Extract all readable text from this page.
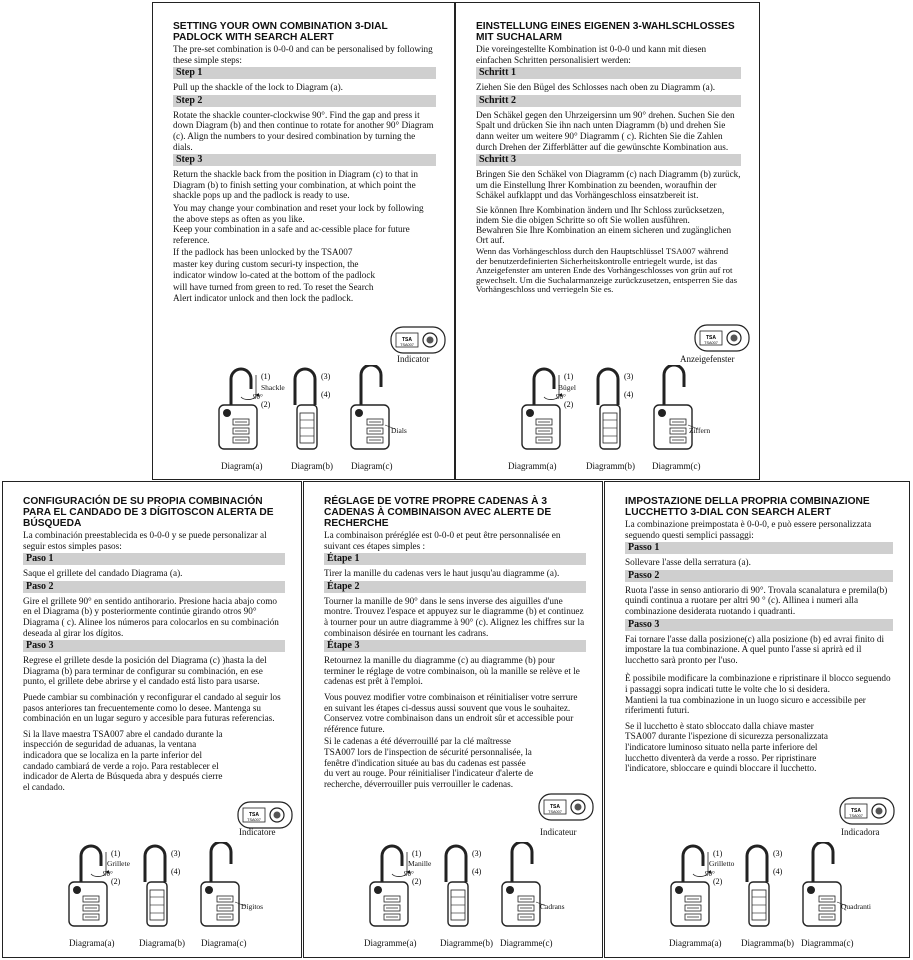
SETTING YOUR OWN COMBINATION 3-DIAL PADLOCK WITH SEARCH ALERT
The pre-set combination is 0-0-0 and can be personalised by following these simple steps:
Step 1
Pull up the shackle of the lock to Diagram (a).
Step 2
Rotate the shackle counter-clockwise 90°. Find the gap and press it down Diagram (b) and then continue to rotate for another 90° Diagram (c). Align the numbers to your desired combination by turning the dials.
Step 3
Return the shackle back from the position in Diagram (c) to that in Diagram (b) to finish setting your combination, at which point the shackle pops up and the padlock is ready to use.
You may change your combination and reset your lock by following the above steps as often as you like.
Keep your combination in a safe and ac-cessible place for future reference.
If the padlock has been unlocked by the TSA007 master key during custom securi-ty inspection, the indicator window lo-cated at the bottom of the padlock will have turned from green to red. To reset the Search Alert indicator unlock and then lock the padlock.
TSA
TSA007
Indicator
(1)
90°
(2)
(3)
(4)
Diagram(a)	Diagram(b) Diagram(c)
Shackle
Dials
EINSTELLUNG EINES EIGENEN 3-WAHLSCHLOSSES MIT SUCHALARM
Die voreingestellte Kombination ist 0-0-0 und kann mit diesen einfachen Schritten personalisiert werden:
Schritt 1
Ziehen Sie den Bügel des Schlosses nach oben zu Diagramm (a).
Schritt 2
Den Schäkel gegen den Uhrzeigersinn um 90° drehen. Suchen Sie den Spalt und drücken Sie ihn nach unten Diagramm (b) und drehen Sie dann weiter um weitere 90° Diagramm ( c). Richten Sie die Zahlen durch Drehen der Zifferblätter auf die gewünschte Kombination aus.
Schritt 3
Bringen Sie den Schäkel von Diagramm (c) nach Diagramm (b) zurück, um die Einstellung Ihrer Kombination zu beenden, woraufhin der Schäkel aufklappt und das Vorhängeschloss einsatzbereit ist.
Sie können Ihre Kombination ändern und Ihr Schloss zurücksetzen, indem Sie die obigen Schritte so oft Sie wollen ausführen.
Bewahren Sie Ihre Kombination an einem sicheren und zugänglichen Ort auf.
Wenn das Vorhängeschloss durch den Hauptschlüssel TSA007 während der benutzerdefinierten Sicherheitskontrolle entriegelt wurde, ist das Anzeigefenster am unteren Ende des Vorhängeschlosses von grün auf rot gewechselt. Um die Suchalarmanzeige zurückzusetzen, entsperren Sie das Vorhängeschloss und verriegeln Sie es.
TSA
TSA007
Anzeigefenster
(1)
90°
(2)
(3)
(4)
Diagramm(a)	Diagramm(b) Diagramm(c)
Bügel
Ziffern
CONFIGURACIÓN DE SU PROPIA COMBINACIÓN PARA EL CANDADO DE 3 DÍGITOSCON ALERTA DE BÚSQUEDA
La combinación preestablecida es 0-0-0 y se puede personalizar al seguir estos simples pasos:
Paso 1
Saque el grillete del candado Diagrama (a).
Paso 2
Gire el grillete 90° en sentido antihorario. Presione hacia abajo como en el Diagrama (b) y posteriormente continúe girando otros 90° Diagrama ( c). Alinee los números para colocarlos en su combinación deseada al girar los dígitos.
Paso 3
Regrese el grillete desde la posición del Diagrama (c) )hasta la del Diagrama (b) para terminar de configurar su combinación, en ese punto, el grillete debe abrirse y el candado está listo para usarse.
Puede cambiar su combinación y reconfigurar el candado al seguir los pasos anteriores tan frecuentemente como lo desee. Mantenga su combinación en un lugar seguro y accesible para futuras referencias.
Si la llave maestra TSA007 abre el candado durante la inspección de seguridad de aduanas, la ventana indicadora que se localiza en la parte inferior del candado cambiará de verde a rojo. Para restablecer el indicador de Alerta de Búsqueda abra y después cierre el candado.
TSA
TSA007
Indicatore
(1)
90°
(2)
(3)
(4)
Diagrama(a)	Diagrama(b) Diagrama(c)
Grillete
Dígitos
RÉGLAGE DE VOTRE PROPRE CADENAS À 3 CADENAS À COMBINAISON AVEC ALERTE DE RECHERCHE
La combinaison préréglée est 0-0-0 et peut être personnalisée en suivant ces étapes simples :
Étape 1
Tirer la manille du cadenas vers le haut jusqu'au diagramme (a).
Étape 2
Tourner la manille de 90° dans le sens inverse des aiguilles d'une montre. Trouvez l'espace et appuyez sur le diagramme (b) et continuez à tourner pour un autre diagramme à 90° (c). Alignez les chiffres sur la combinaison désirée en tournant les cadrans.
Étape 3
Retournez la manille du diagramme (c) au diagramme (b) pour terminer le réglage de votre combinaison, où la manille se relève et le cadenas est prêt à l'emploi.
Vous pouvez modifier votre combinaison et réinitialiser votre serrure en suivant les étapes ci-dessus aussi souvent que vous le souhaitez.
Conservez votre combinaison dans un endroit sûr et accessible pour référence future.
Si le cadenas a été déverrouillé par la clé maîtresse TSA007 lors de l'inspection de sécurité personnalisée, la fenêtre d'indication située au bas du cadenas est passée du vert au rouge. Pour réinitialiser l'indicateur d'alerte de recherche, déverrouiller puis verrouiller le cadenas.
TSA
TSA007
Indicateur
(1)
90°
(2)
(3)
(4)
Diagramme(a)	Diagramme(b) Diagramme(c)
Manille
Cadrans
IMPOSTAZIONE DELLA PROPRIA COMBINAZIONE LUCCHETTO 3-DIAL CON SEARCH ALERT
La combinazione preimpostata è 0-0-0, e può essere personalizzata seguendo questi semplici passaggi:
Passo 1
Sollevare l'asse della serratura (a).
Passo 2
Ruota l'asse in senso antiorario di 90°. Trovala scanalatura e premila(b) quindi continua a ruotare per altri 90 ° (c). Allinea i numeri alla combinazione desiderata ruotando i quadranti.
Passo 3
Fai tornare l'asse dalla posizione(c) alla posizione (b) ed avrai finito di impostare la tua combinazione. A quel punto l'asse si aprirà ed il lucchetto sarà pronto per l'uso.
È possibile modificare la combinazione e ripristinare il blocco seguendo i passaggi sopra indicati tutte le volte che lo si desidera.
Mantieni la tua combinazione in un luogo sicuro e accessibile per riferimenti futuri.
Se il lucchetto è stato sbloccato dalla chiave master TSA007 durante l'ispezione di sicurezza personalizzata l'indicatore luminoso situato nella parte inferiore del lucchetto diventerà da verde a rosso. Per ripristinare l'indicatore, sbloccare e quindi bloccare il lucchetto.
TSA
TSA007
Indicadora
(1)
90°
(2)
(3)
(4)
Diagramma(a) Diagramma(b) Diagramma(c)
Grilletto
Quadranti
